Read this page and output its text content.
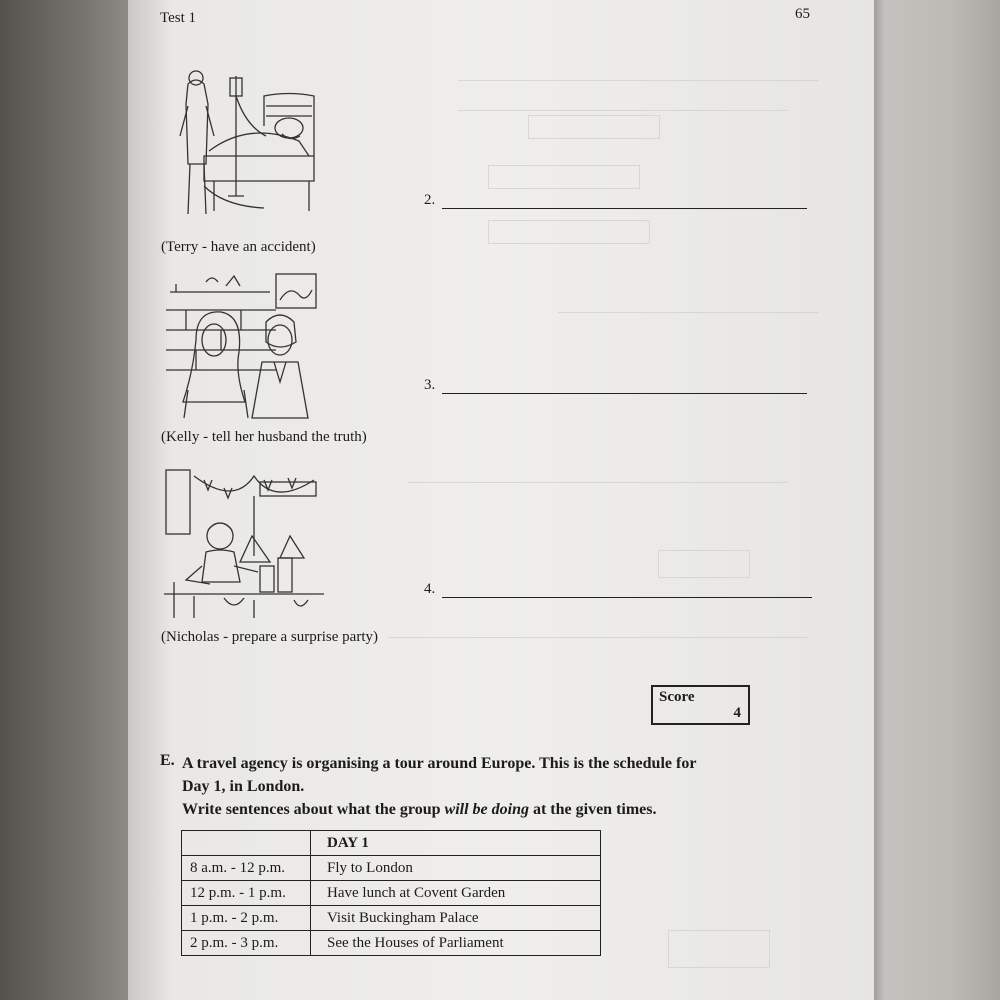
Test 1	65
2.
(Terry - have an accident)
3.
(Kelly - tell her husband the truth)
4.
(Nicholas - prepare a surprise party)
Score
4
E. A travel agency is organising a tour around Europe. This is the schedule for

Day 1, in London.

Write sentences about what the group will be doing at the given times.

	DAY 1
8 a.m. - 12 p.m.	Fly to London
12 p.m. - 1 p.m.	Have lunch at Covent Garden
1 p.m. - 2 p.m.	Visit Buckingham Palace
2 p.m. - 3 p.m.	See the Houses of Parliament
